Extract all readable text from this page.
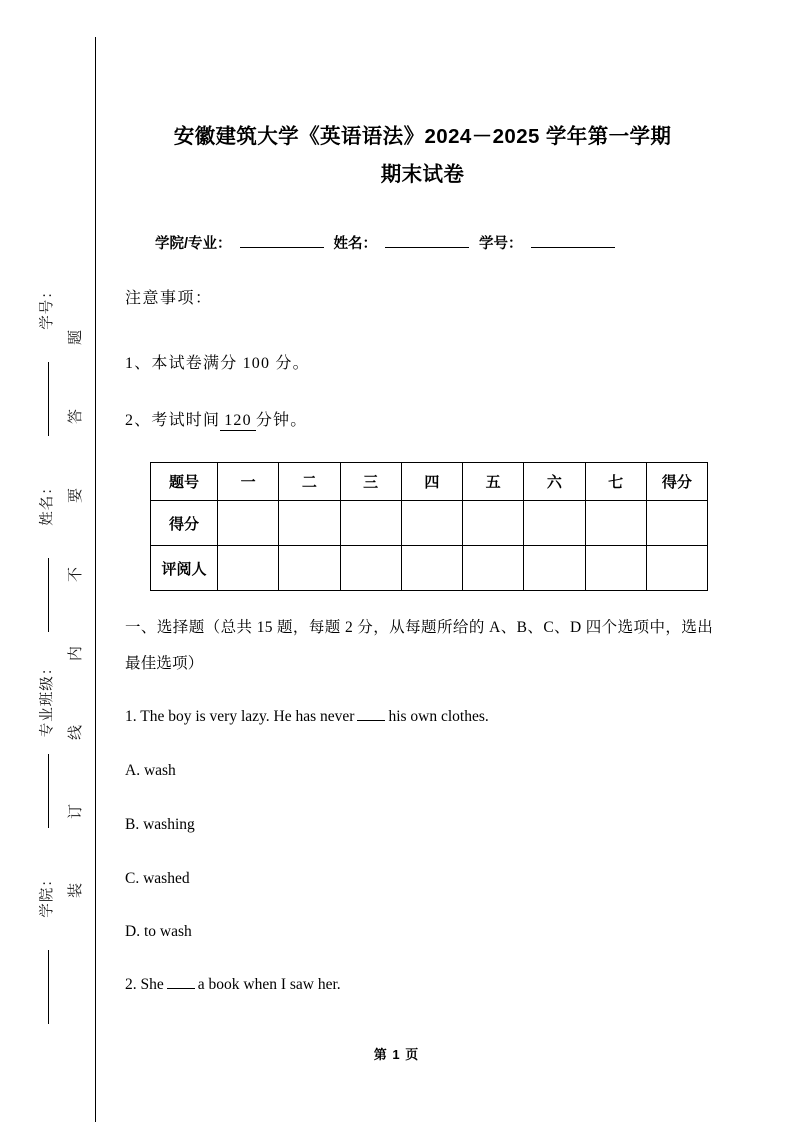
学号：
姓名：
专业班级：
学院：
题
答
要
不
内
线
订
装
安徽建筑大学《英语语法》2024－2025 学年第一学期
期末试卷
学院/专业：	姓名：	学号：
注意事项：
1、本试卷满分 100 分。
2、考试时间 120 分钟。
题号	一	二	三	四	五	六	七	得分
得分								
评阅人								
一、选择题（总共 15 题，每题 2 分，从每题所给的 A、B、C、D 四个选项中，选出最佳选项）
1. The boy is very lazy. He has never his own clothes.
A. wash
B. washing
C. washed
D. to wash
2. She a book when I saw her.
第 1 页
